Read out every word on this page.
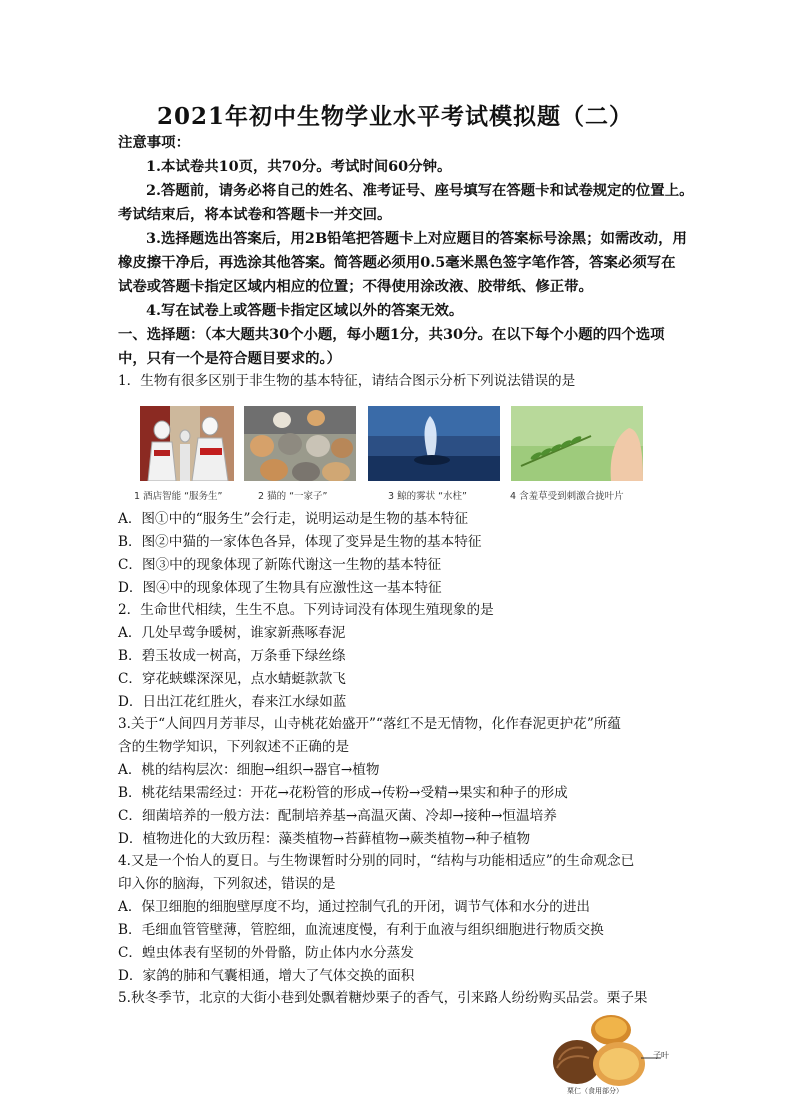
2021年初中生物学业水平考试模拟题（二）
注意事项：
1.本试卷共10页，共70分。考试时间60分钟。
2.答题前，请务必将自己的姓名、准考证号、座号填写在答题卡和试卷规定的位置上。
考试结束后，将本试卷和答题卡一并交回。
3.选择题选出答案后，用2B铅笔把答题卡上对应题目的答案标号涂黑；如需改动，用
橡皮擦干净后，再选涂其他答案。简答题必须用0.5毫米黑色签字笔作答，答案必须写在
试卷或答题卡指定区域内相应的位置；不得使用涂改液、胶带纸、修正带。
4.写在试卷上或答题卡指定区域以外的答案无效。
一、选择题：（本大题共30个小题，每小题1分，共30分。在以下每个小题的四个选项
中，只有一个是符合题目要求的。）
1．生物有很多区别于非生物的基本特征，请结合图示分析下列说法错误的是
1 酒店智能 “服务生”	2 猫的 “一家子”	3 鲸的雾状 “水柱”	4 含羞草受到刺激合拢叶片
A．图①中的“服务生”会行走，说明运动是生物的基本特征
B．图②中猫的一家体色各异，体现了变异是生物的基本特征
C．图③中的现象体现了新陈代谢这一生物的基本特征
D．图④中的现象体现了生物具有应激性这一基本特征
2．生命世代相续，生生不息。下列诗词没有体现生殖现象的是
A．几处早莺争暖树，谁家新燕啄春泥
B．碧玉妆成一树高，万条垂下绿丝绦
C．穿花蛱蝶深深见，点水蜻蜓款款飞
D．日出江花红胜火，春来江水绿如蓝
3.关于“人间四月芳菲尽，山寺桃花始盛开”“落红不是无情物，化作春泥更护花”所蕴
含的生物学知识，下列叙述不正确的是
A．桃的结构层次：细胞→组织→器官→植物
B．桃花结果需经过：开花→花粉管的形成→传粉→受精→果实和种子的形成
C．细菌培养的一般方法：配制培养基→高温灭菌、冷却→接种→恒温培养
D．植物进化的大致历程：藻类植物→苔藓植物→蕨类植物→种子植物
4.又是一个怡人的夏日。与生物课暂时分别的同时，“结构与功能相适应”的生命观念已
印入你的脑海，下列叙述，错误的是
A．保卫细胞的细胞壁厚度不均，通过控制气孔的开闭，调节气体和水分的进出
B．毛细血管管壁薄，管腔细，血流速度慢，有利于血液与组织细胞进行物质交换
C．蝗虫体表有坚韧的外骨骼，防止体内水分蒸发
D．家鸽的肺和气囊相通，增大了气体交换的面积
5.秋冬季节，北京的大街小巷到处飘着糖炒栗子的香气，引来路人纷纷购买品尝。栗子果
子叶
栗仁（食用部分）
